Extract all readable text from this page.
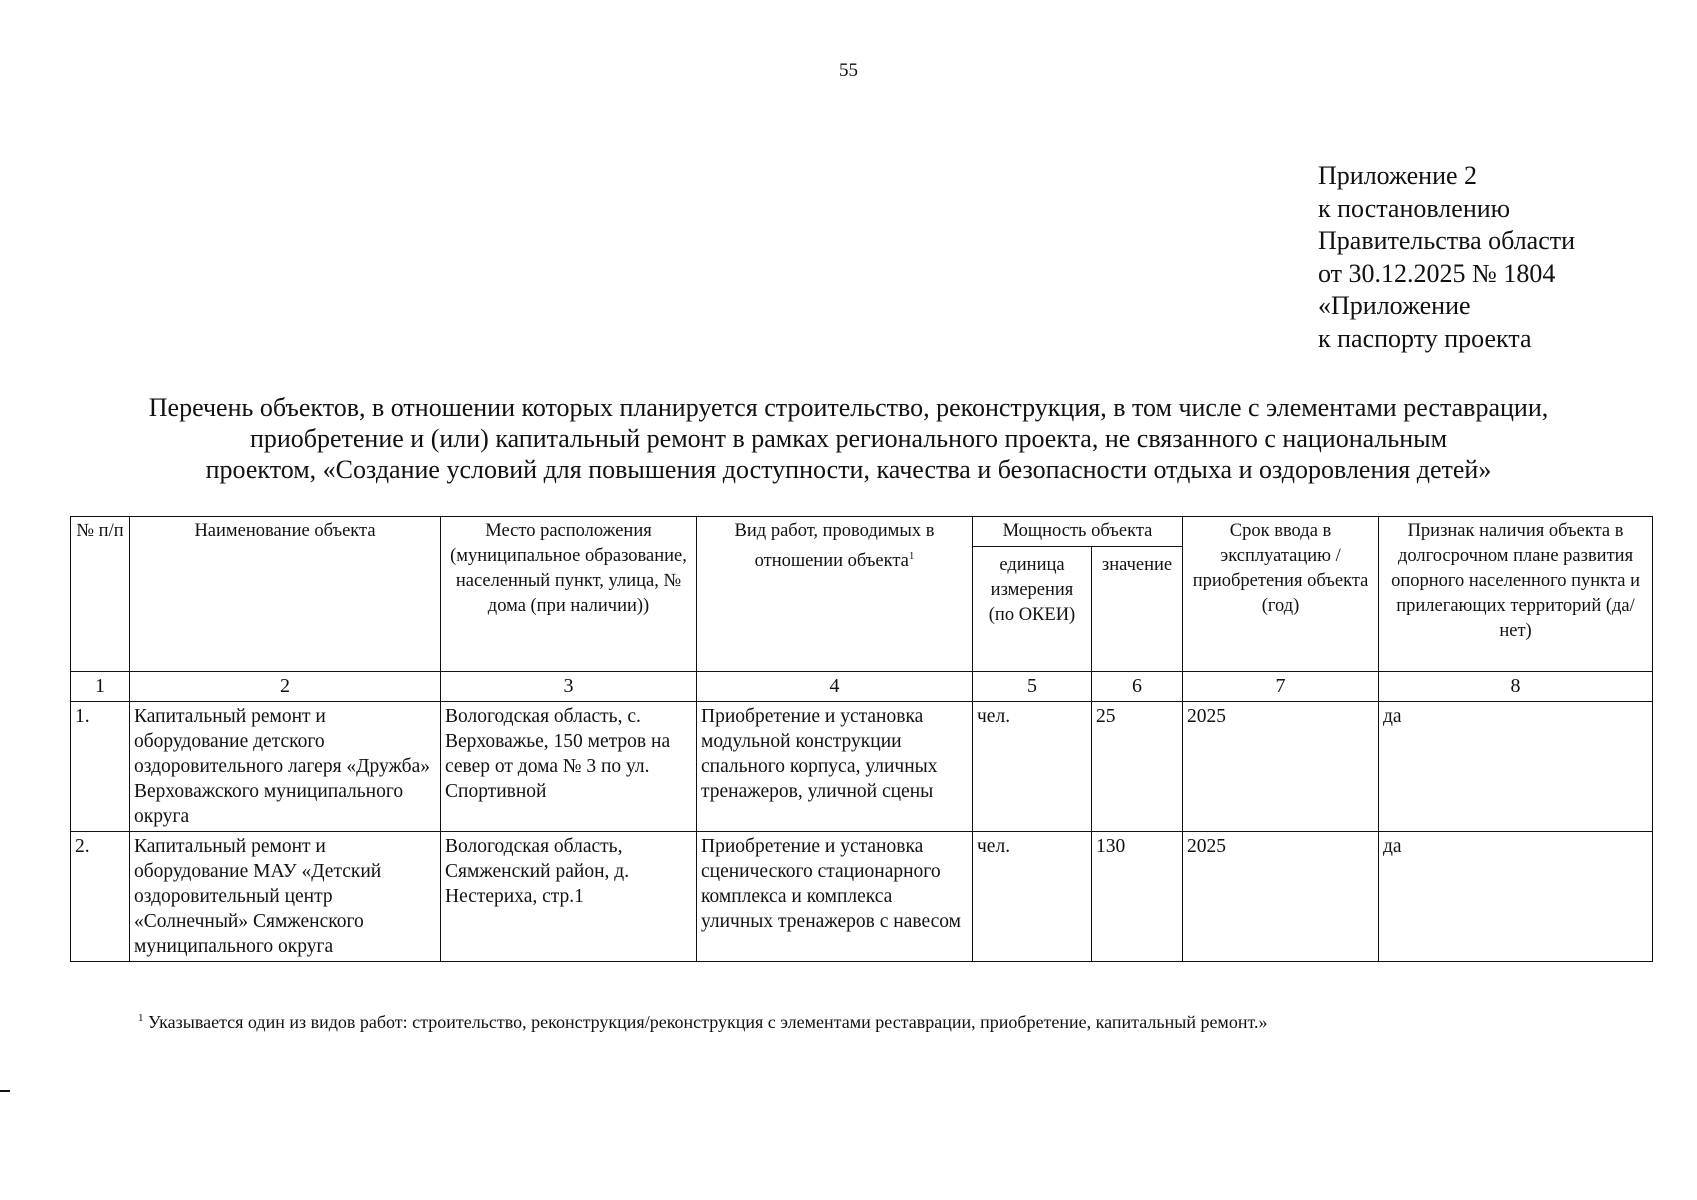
55
Приложение 2
к постановлению
Правительства области
от 30.12.2025 № 1804
«Приложение
к паспорту проекта
Перечень объектов, в отношении которых планируется строительство, реконструкция, в том числе с элементами реставрации,
приобретение и (или) капитальный ремонт в рамках регионального проекта, не связанного с национальным
проектом, «Создание условий для повышения доступности, качества и безопасности отдыха и оздоровления детей»
№ п/п	Наименование объекта	Место расположения (муниципальное образование, населенный пункт, улица, № дома (при наличии))	Вид работ, проводимых в отношении объекта$^1$	Мощность объекта		Срок ввода в эксплуатацию / приобретения объекта (год)	Признак наличия объекта в долгосрочном плане развития опорного населенного пункта и прилегающих территорий (да/нет)
				единица измерения (по ОКЕИ)	значение		
1	2	3	4	5	6	7	8
1.	Капитальный ремонт и оборудование детского оздоровительного лагеря «Дружба» Верховажского муниципального округа	Вологодская область, с. Верховажье, 150 метров на север от дома № 3 по ул. Спортивной	Приобретение и установка модульной конструкции спального корпуса, уличных тренажеров, уличной сцены	чел.	25	2025	да
2.	Капитальный ремонт и оборудование МАУ «Детский оздоровительный центр «Солнечный» Сямженского муниципального округа	Вологодская область, Сямженский район, д. Нестериха, стр.1	Приобретение и установка сценического стационарного комплекса и комплекса уличных тренажеров с навесом	чел.	130	2025	да
$^1$ Указывается один из видов работ: строительство, реконструкция/реконструкция с элементами реставрации, приобретение, капитальный ремонт.»
